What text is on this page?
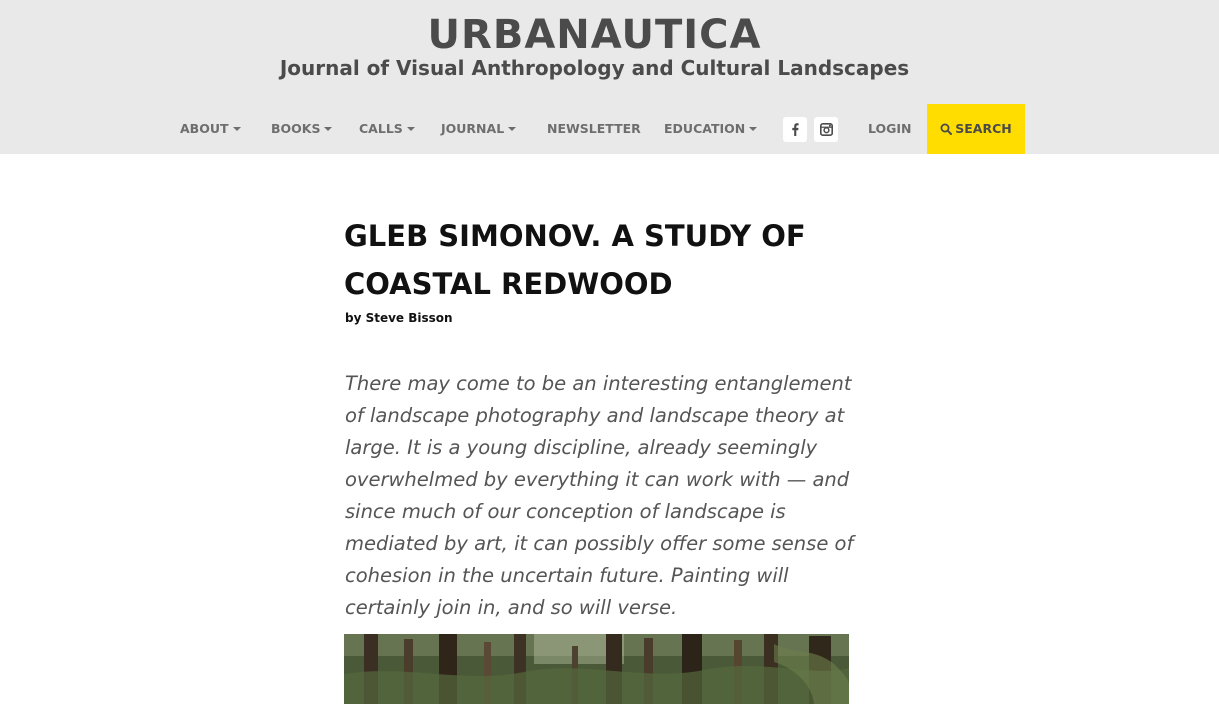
URBANAUTICA
Journal of Visual Anthropology and Cultural Landscapes
ABOUT	BOOKS	CALLS	JOURNAL	NEWSLETTER EDUCATION	LOGIN	SEARCH
GLEB SIMONOV. A STUDY OF COASTAL REDWOOD
by Steve Bisson

There may come to be an interesting entanglement of landscape photography and landscape theory at large. It is a young discipline, already seemingly overwhelmed by everything it can work with — and since much of our conception of landscape is mediated by art, it can possibly offer some sense of cohesion in the uncertain future. Painting will certainly join in, and so will verse.
